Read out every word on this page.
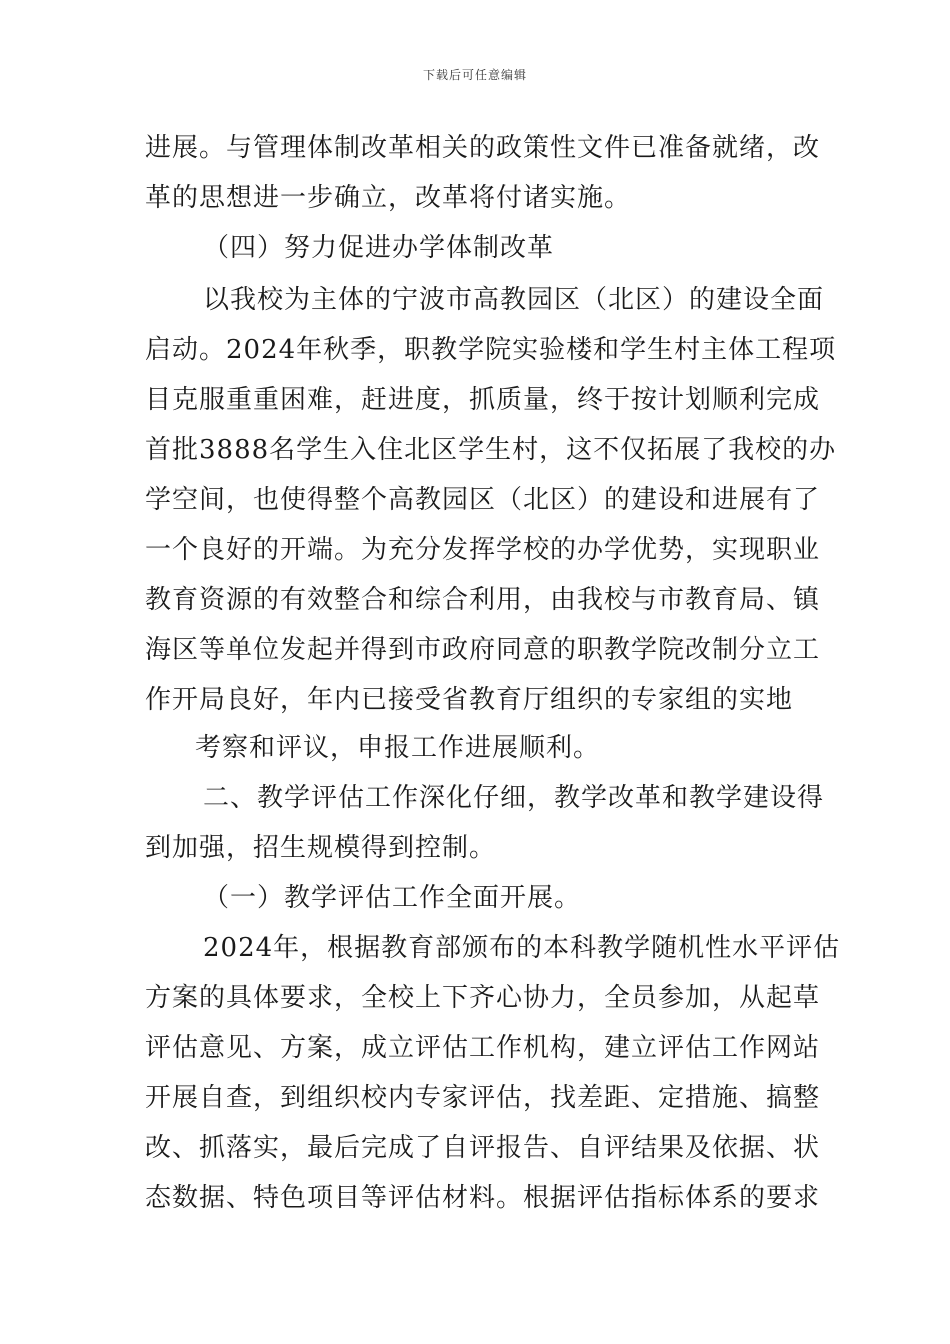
下载后可任意编辑
进展。与管理体制改革相关的政策性文件已准备就绪，改
革的思想进一步确立，改革将付诸实施。
（四）努力促进办学体制改革
以我校为主体的宁波市高教园区（北区）的建设全面
启动。2024年秋季，职教学院实验楼和学生村主体工程项
目克服重重困难，赶进度，抓质量，终于按计划顺利完成
首批3888名学生入住北区学生村，这不仅拓展了我校的办
学空间，也使得整个高教园区（北区）的建设和进展有了
一个良好的开端。为充分发挥学校的办学优势，实现职业
教育资源的有效整合和综合利用，由我校与市教育局、镇
海区等单位发起并得到市政府同意的职教学院改制分立工
作开局良好，年内已接受省教育厅组织的专家组的实地
考察和评议，申报工作进展顺利。
二、教学评估工作深化仔细，教学改革和教学建设得
到加强，招生规模得到控制。
（一）教学评估工作全面开展。
2024年，根据教育部颁布的本科教学随机性水平评估
方案的具体要求，全校上下齐心协力，全员参加，从起草
评估意见、方案，成立评估工作机构，建立评估工作网站
开展自查，到组织校内专家评估，找差距、定措施、搞整
改、抓落实，最后完成了自评报告、自评结果及依据、状
态数据、特色项目等评估材料。根据评估指标体系的要求
